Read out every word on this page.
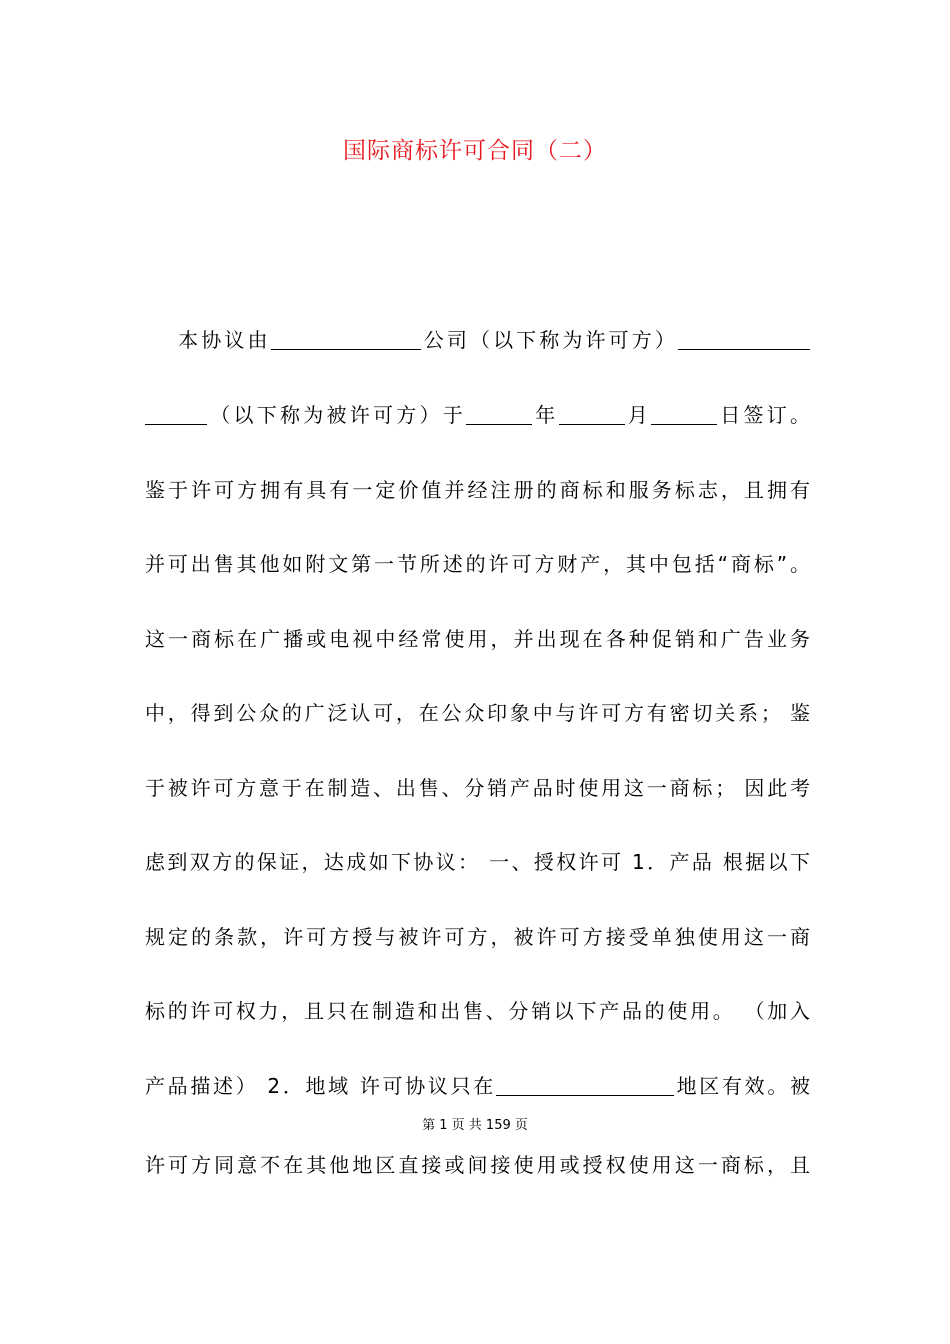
国际商标许可合同（二）
本协议由	公司（以下称为许可方）
（以下称为被许可方）于	年	月	日签订。
鉴于许可方拥有具有一定价值并经注册的商标和服务标志，且拥有
并可出售其他如附文第一节所述的许可方财产，其中包括“商标”。
这一商标在广播或电视中经常使用，并出现在各种促销和广告业务
中，得到公众的广泛认可，在公众印象中与许可方有密切关系； 鉴
于被许可方意于在制造、出售、分销产品时使用这一商标； 因此考
虑到双方的保证，达成如下协议： 一、授权许可 1．产品 根据以下
规定的条款，许可方授与被许可方，被许可方接受单独使用这一商
标的许可权力，且只在制造和出售、分销以下产品的使用。 （加入
产品描述） 2．地域 许可协议只在	地区有效。被
第 1 页 共 159 页
许可方同意不在其他地区直接或间接使用或授权使用这一商标，且
